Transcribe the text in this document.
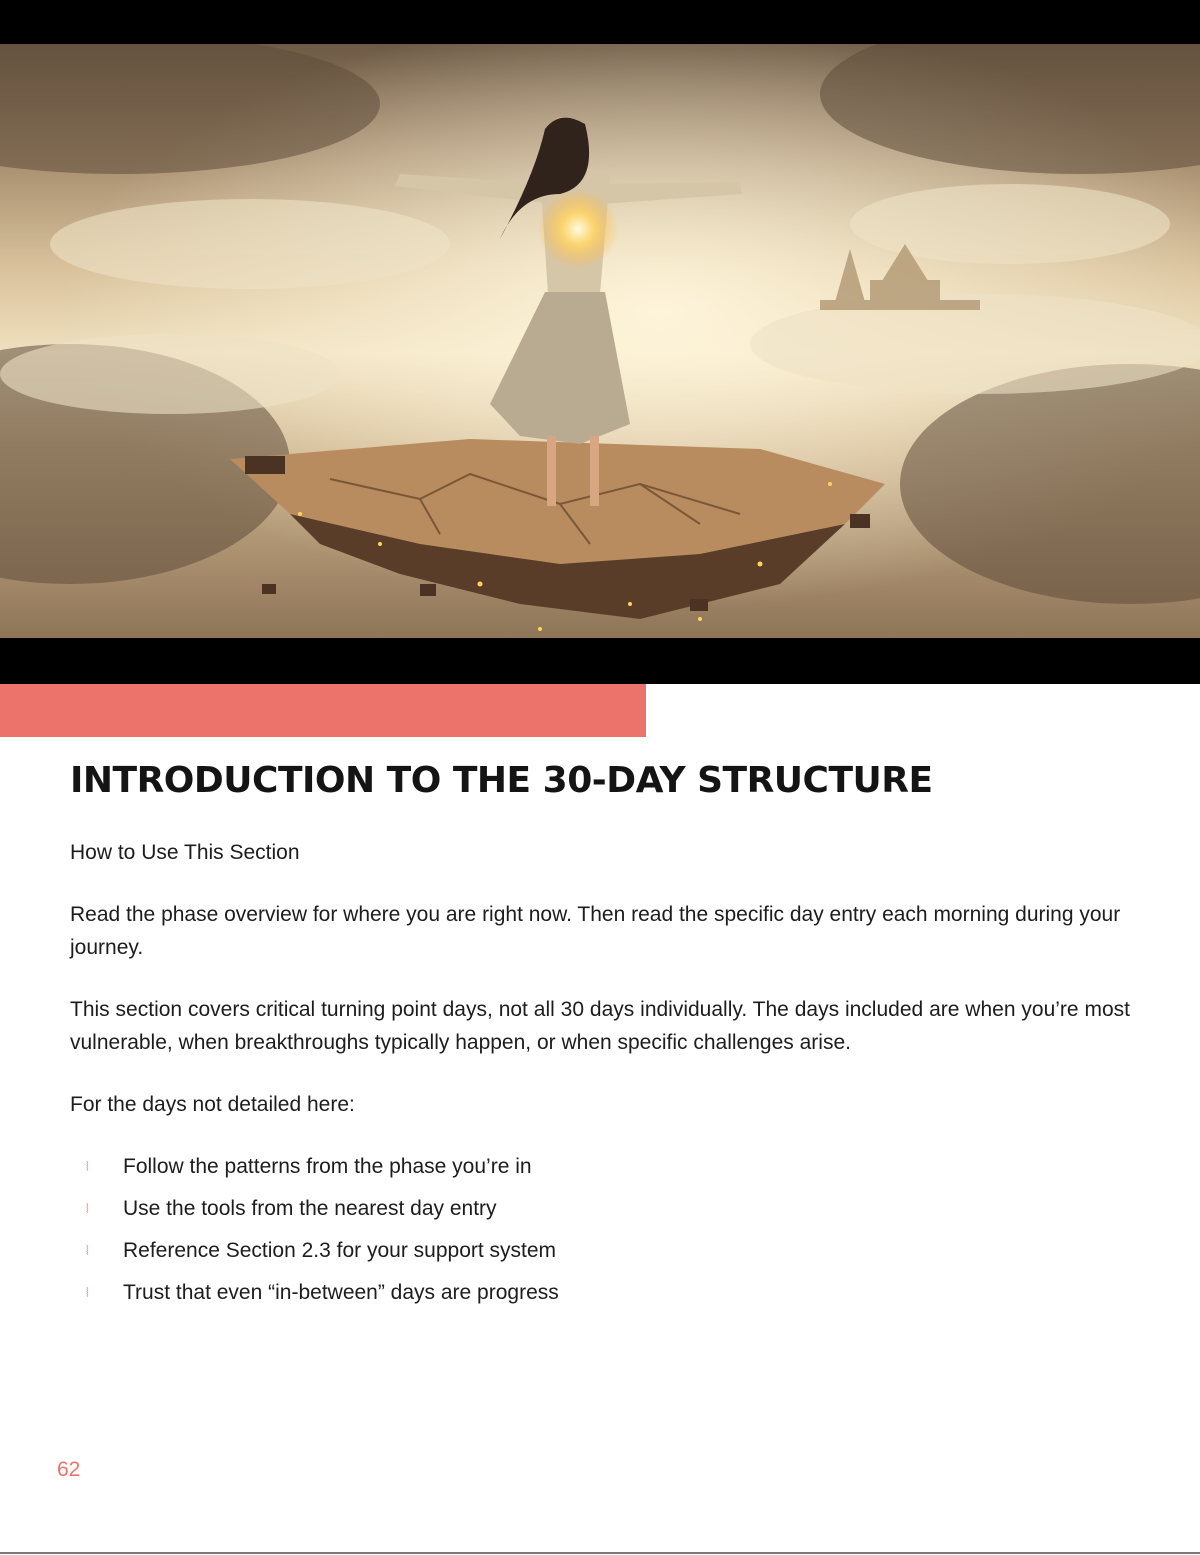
INTRODUCTION TO THE 30-DAY STRUCTURE

How to Use This Section

Read the phase overview for where you are right now. Then read the specific day entry each morning during your journey.

This section covers critical turning point days, not all 30 days individually. The days included are when you’re most vulnerable, when breakthroughs typically happen, or when specific challenges arise.

For the days not detailed here:

⦚ Follow the patterns from the phase you’re in
⦚ Use the tools from the nearest day entry
⦚ Reference Section 2.3 for your support system
⦚ Trust that even “in-between” days are progress
62
